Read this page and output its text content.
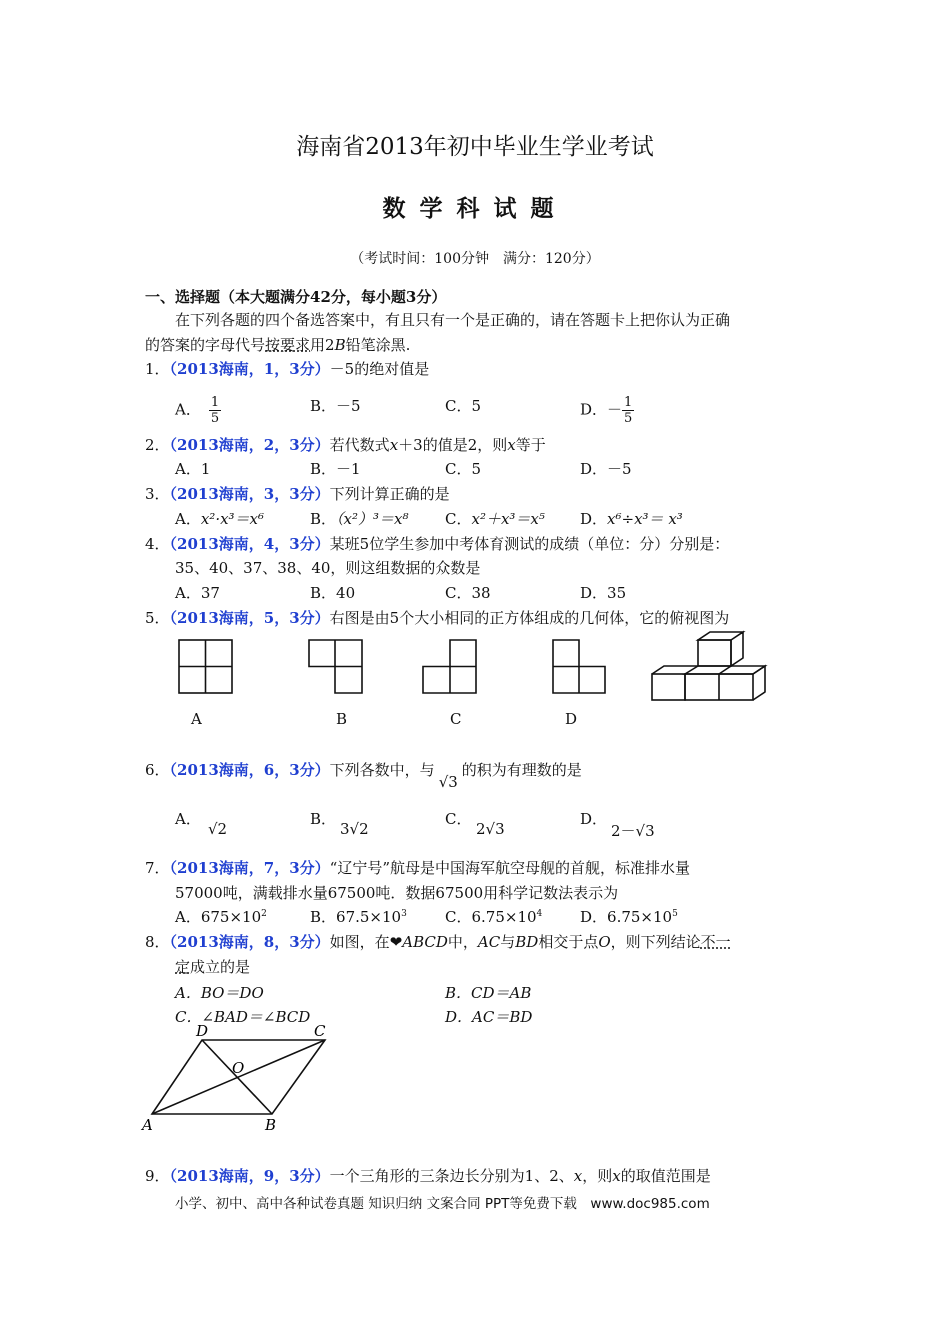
海南省2013年初中毕业生学业考试
数学科试题
（考试时间：100分钟　满分：120分）
一、选择题（本大题满分42分，每小题3分）
在下列各题的四个备选答案中，有且只有一个是正确的，请在答题卡上把你认为正确
的答案的字母代号按要求用2B铅笔涂黑.
1．（2013海南，1，3分）－5的绝对值是
A． $\frac{1}{5}$	B．－5	C．5	D．－ $\frac{1}{5}$
2．（2013海南，2，3分）若代数式x＋3的值是2，则x等于
A．1	B．－1	C．5	D．－5
3．（2013海南，3，3分）下列计算正确的是
A．x²·x³＝x⁶	B．（x²）³＝x⁸ C．x²＋x³＝x⁵ D．x⁶÷x³＝ x³
4．（2013海南，4，3分）某班5位学生参加中考体育测试的成绩（单位：分）分别是：
35、40、37、38、40，则这组数据的众数是
A．37	B．40	C．38	D．35
5．（2013海南，5，3分）右图是由5个大小相同的正方体组成的几何体，它的俯视图为
A	B	C	D
6．（2013海南，6，3分）下列各数中，与√3的积为有理数的是
A．
√2
B．
3√2
C．
2√3
D．
2－√3
7．（2013海南，7，3分）“辽宁号”航母是中国海军航空母舰的首舰，标准排水量
57000吨，满载排水量67500吨．数据67500用科学记数法表示为
A．$675\times 10^2$	B．$67.5\times 10^3$	C．$6.75\times 10^4$	D．$6.75\times 10^5$
8．（2013海南，8，3分）如图，在❤ABCD中，AC与BD相交于点O，则下列结论不一
定成立的是
A．BO＝DO	B．CD＝AB
C．∠BAD＝∠BCD	D．AC＝BD
D	C
O
A	B
9．（2013海南，9，3分）一个三角形的三条边长分别为1、2、x，则x的取值范围是
小学、初中、高中各种试卷真题 知识归纳 文案合同 PPT等免费下载　www.doc985.com
